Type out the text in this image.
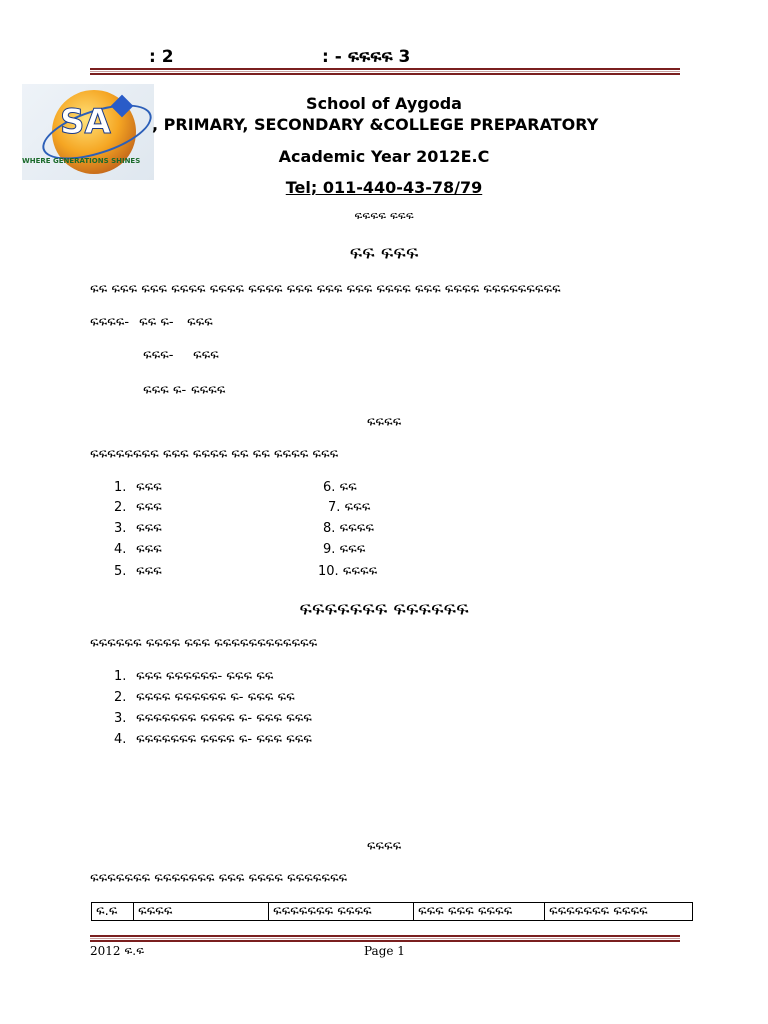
: 2	: - ፍፍፍፍ 3
SA
WHERE GENERATIONS SHINES
School of Aygoda
, PRIMARY, SECONDARY &COLLEGE PREPARATORY
Academic Year 2012E.C
Tel; 011-440-43-78/79
ፍፍፍፍ ፍፍፍ
ፍፍ ፍፍፍ
ፍፍ ፍፍፍ ፍፍፍ ፍፍፍፍ ፍፍፍፍ ፍፍፍፍ ፍፍፍ ፍፍፍ ፍፍፍ ፍፍፍፍ ፍፍፍ ፍፍፍፍ ፍፍፍፍፍፍፍፍፍ
ፍፍፍፍ- ፍፍ ፍ- ፍፍፍ
ፍፍፍ- ፍፍፍ
ፍፍፍ ፍ- ፍፍፍፍ
ፍፍፍፍ
ፍፍፍፍፍፍፍፍ ፍፍፍ ፍፍፍፍ ፍፍ ፍፍ ፍፍፍፍ ፍፍፍ
1. ፍፍፍ
2. ፍፍፍ
3. ፍፍፍ
4. ፍፍፍ
5. ፍፍፍ
6. ፍፍ
7. ፍፍፍ
8. ፍፍፍፍ
9. ፍፍፍ
10. ፍፍፍፍ
ፍፍፍፍፍፍፍ ፍፍፍፍፍፍ
ፍፍፍፍፍፍ ፍፍፍፍ ፍፍፍ ፍፍፍፍፍፍፍፍፍፍፍፍ
1. ፍፍፍ ፍፍፍፍፍፍ- ፍፍፍ ፍፍ
2. ፍፍፍፍ ፍፍፍፍፍፍ ፍ- ፍፍፍ ፍፍ
3. ፍፍፍፍፍፍፍ ፍፍፍፍ ፍ- ፍፍፍ ፍፍፍ
4. ፍፍፍፍፍፍፍ ፍፍፍፍ ፍ- ፍፍፍ ፍፍፍ
ፍፍፍፍ
ፍፍፍፍፍፍፍ ፍፍፍፍፍፍፍ ፍፍፍ ፍፍፍፍ ፍፍፍፍፍፍፍ
ፍ.ፍ	ፍፍፍፍ	ፍፍፍፍፍፍፍ ፍፍፍፍ	ፍፍፍ ፍፍፍ ፍፍፍፍ	ፍፍፍፍፍፍፍ ፍፍፍፍ
2012 ፍ.ፍ	Page 1
